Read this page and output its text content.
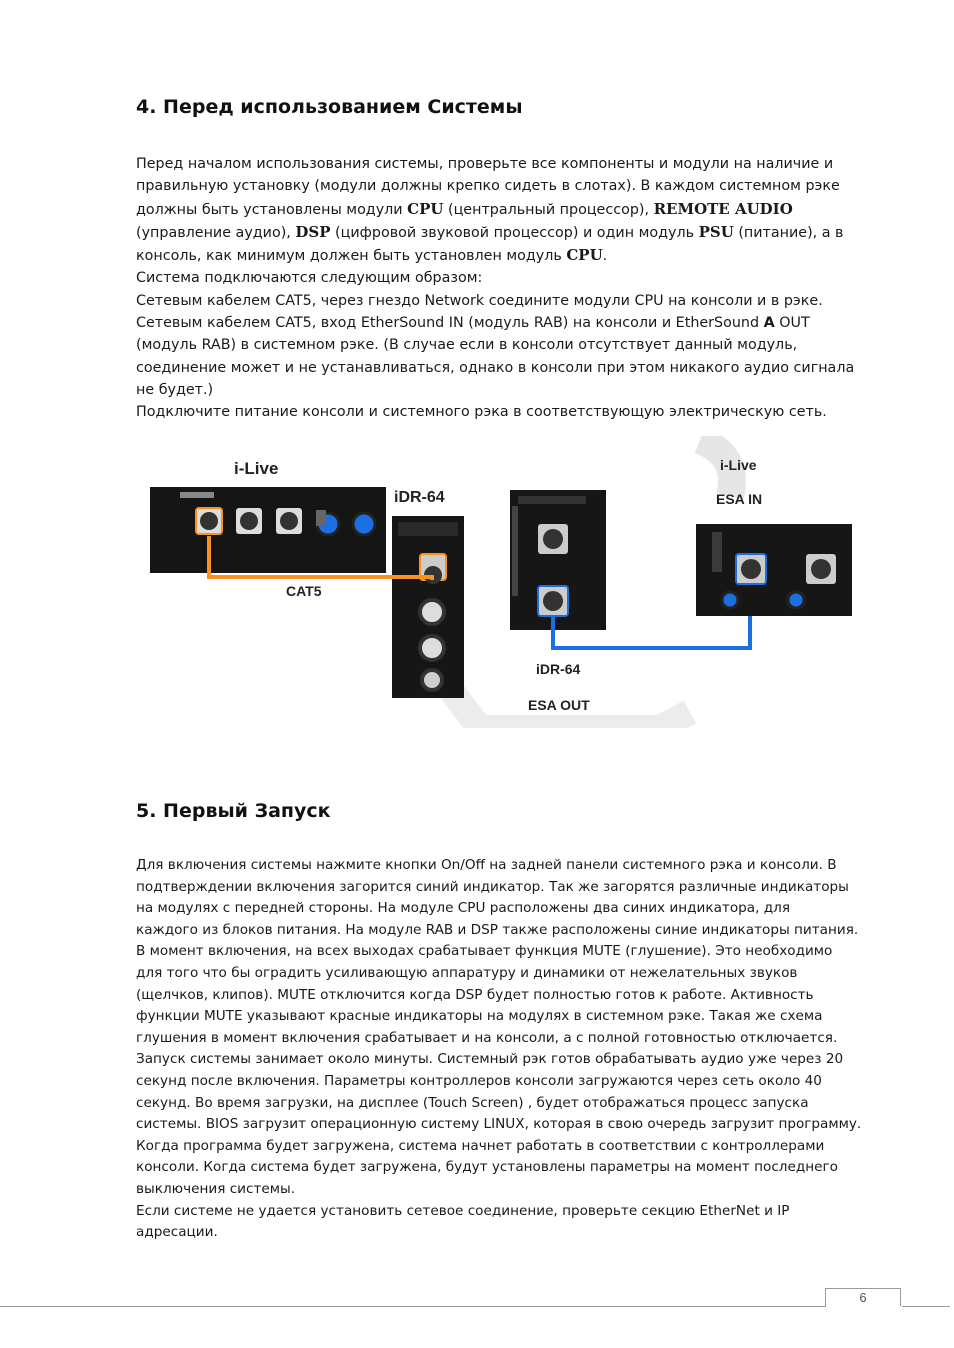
4. Перед использованием Системы
Перед началом использования системы, проверьте все компоненты и модули на наличие и
правильную установку (модули должны крепко сидеть в слотах). В каждом системном рэке
должны быть установлены модули CPU (центральный процессор), REMOTE AUDIO
(управление аудио), DSP (цифровой звуковой процессор) и один модуль PSU (питание), а в
консоль, как минимум должен быть установлен модуль CPU.
Система подключаются следующим образом:
Сетевым кабелем CAT5, через гнездо Network соедините модули CPU на консоли и в рэке.
Сетевым кабелем CAT5, вход EtherSound IN (модуль RAB) на консоли и EtherSound A OUT
(модуль RAB) в системном рэке. (В случае если в консоли отсутствует данный модуль,
соединение может и не устанавливаться, однако в консоли при этом никакого аудио сигнала
не будет.)
Подключите питание консоли и системного рэка в соответствующую электрическую сеть.
i-Live
iDR-64
CAT5
iDR-64
ESA OUT
i-Live
ESA IN
5. Первый Запуск
Для включения системы нажмите кнопки On/Off на задней панели системного рэка и консоли. В
подтверждении включения загорится синий индикатор. Так же загорятся различные индикаторы
на модулях с передней стороны. На модуле CPU расположены два синих индикатора, для
каждого из блоков питания. На модуле RAB и DSP также расположены синие индикаторы питания.
В момент включения, на всех выходах срабатывает функция MUTE (глушение). Это необходимо
для того что бы оградить усиливающую аппаратуру и динамики от нежелательных звуков
(щелчков, клипов). MUTE отключится когда DSP будет полностью готов к работе. Активность
функции MUTE указывают красные индикаторы на модулях в системном рэке. Такая же схема
глушения в момент включения срабатывает и на консоли, а с полной готовностью отключается.
Запуск системы занимает около минуты. Системный рэк готов обрабатывать аудио уже через 20
секунд после включения. Параметры контроллеров консоли загружаются через сеть около 40
секунд. Во время загрузки, на дисплее (Touch Screen) , будет отображаться процесс запуска
системы. BIOS загрузит операционную систему LINUX, которая в свою очередь загрузит программу.
Когда программа будет загружена, система начнет работать в соответствии с контроллерами
консоли. Когда система будет загружена, будут установлены параметры на момент последнего
выключения системы.
Если системе не удается установить сетевое соединение, проверьте секцию EtherNet и IP
адресации.
6
